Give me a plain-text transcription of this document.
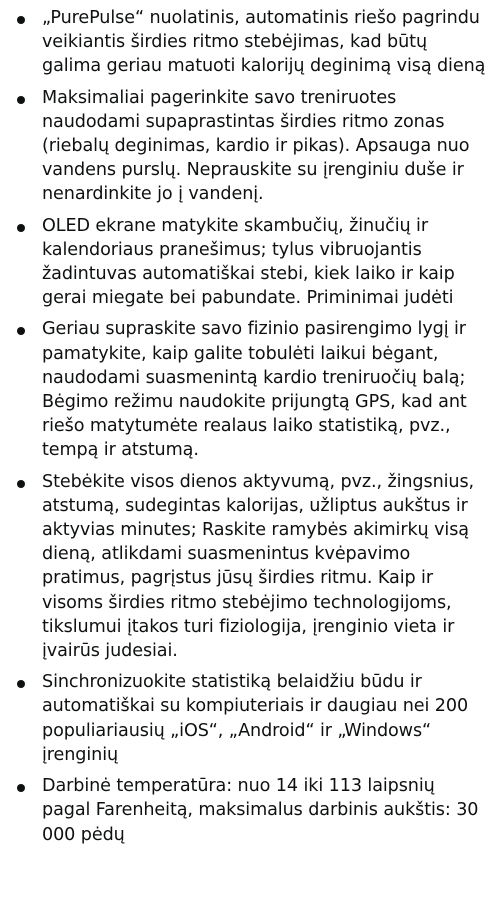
„PurePulse“ nuolatinis, automatinis riešo pagrindu veikiantis širdies ritmo stebėjimas, kad būtų galima geriau matuoti kalorijų deginimą visą dieną
Maksimaliai pagerinkite savo treniruotes naudodami supaprastintas širdies ritmo zonas (riebalų deginimas, kardio ir pikas). Apsauga nuo vandens purslų. Neprauskite su įrenginiu duše ir nenardinkite jo į vandenį.
OLED ekrane matykite skambučių, žinučių ir kalendoriaus pranešimus; tylus vibruojantis žadintuvas automatiškai stebi, kiek laiko ir kaip gerai miegate bei pabundate. Priminimai judėti
Geriau supraskite savo fizinio pasirengimo lygį ir pamatykite, kaip galite tobulėti laikui bėgant, naudodami suasmenintą kardio treniruočių balą; Bėgimo režimu naudokite prijungtą GPS, kad ant riešo matytumėte realaus laiko statistiką, pvz., tempą ir atstumą.
Stebėkite visos dienos aktyvumą, pvz., žingsnius, atstumą, sudegintas kalorijas, užliptus aukštus ir aktyvias minutes; Raskite ramybės akimirkų visą dieną, atlikdami suasmenintus kvėpavimo pratimus, pagrįstus jūsų širdies ritmu. Kaip ir visoms širdies ritmo stebėjimo technologijoms, tikslumui įtakos turi fiziologija, įrenginio vieta ir įvairūs judesiai.
Sinchronizuokite statistiką belaidžiu būdu ir automatiškai su kompiuteriais ir daugiau nei 200 populiariausių „iOS“, „Android“ ir „Windows“ įrenginių
Darbinė temperatūra: nuo 14 iki 113 laipsnių pagal Farenheitą, maksimalus darbinis aukštis: 30 000 pėdų
